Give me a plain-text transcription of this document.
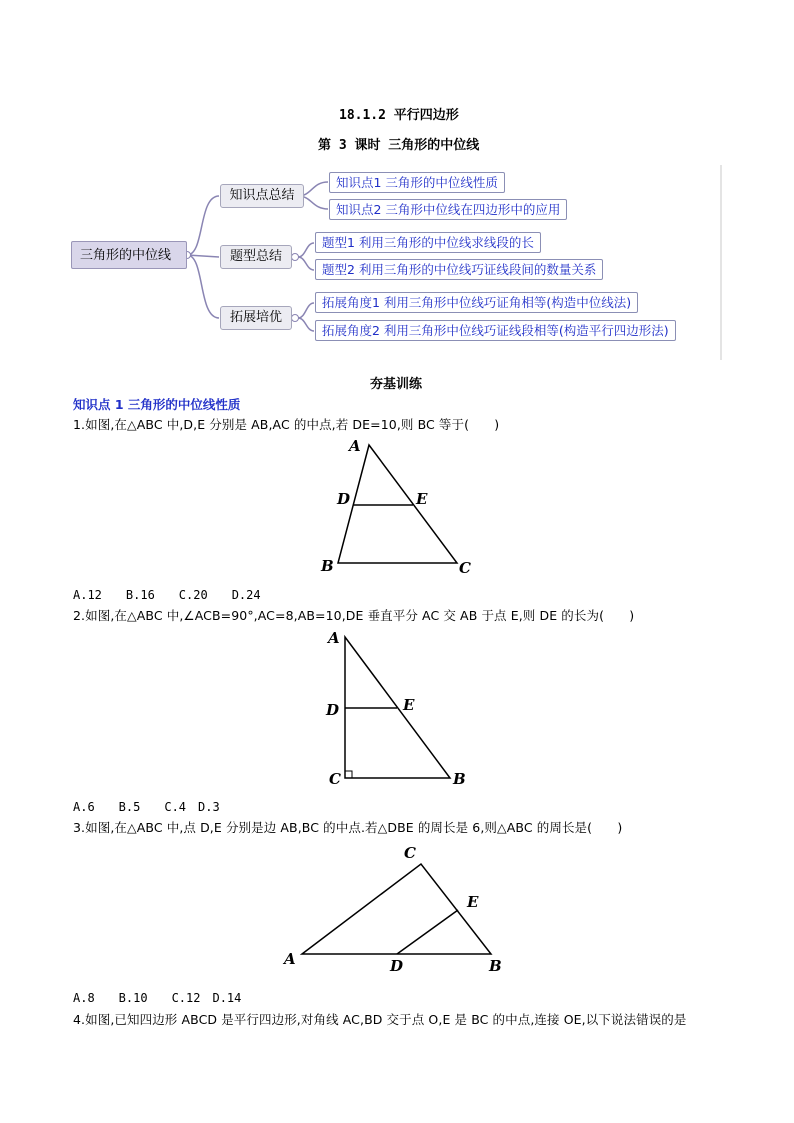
18.1.2 平行四边形
第 3 课时 三角形的中位线
三角形的中位线
知识点总结
题型总结
拓展培优
知识点1 三角形的中位线性质
知识点2 三角形中位线在四边形中的应用
题型1 利用三角形的中位线求线段的长
题型2 利用三角形的中位线巧证线段间的数量关系
拓展角度1 利用三角形中位线巧证角相等(构造中位线法)
拓展角度2 利用三角形中位线巧证线段相等(构造平行四边形法)
夯基训练
知识点 1 三角形的中位线性质
1.如图,在△ABC 中,D,E 分别是 AB,AC 的中点,若 DE=10,则 BC 等于(　　)
A
D	E
B	C
A.12　　B.16　　C.20　　D.24
2.如图,在△ABC 中,∠ACB=90°,AC=8,AB=10,DE 垂直平分 AC 交 AB 于点 E,则 DE 的长为(　　)
A
D	E
C	B
A.6　　B.5　　C.4　D.3
3.如图,在△ABC 中,点 D,E 分别是边 AB,BC 的中点.若△DBE 的周长是 6,则△ABC 的周长是(　　)
C
E
A	D	B
A.8　　B.10　　C.12　D.14
4.如图,已知四边形 ABCD 是平行四边形,对角线 AC,BD 交于点 O,E 是 BC 的中点,连接 OE,以下说法错误的是
